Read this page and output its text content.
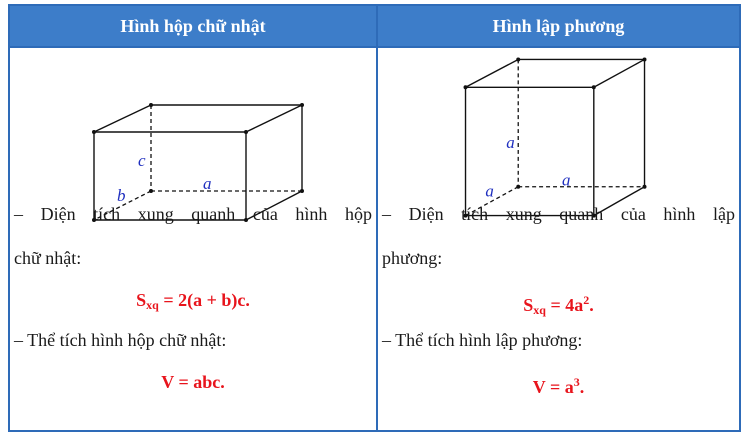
Hình hộp chữ nhật
c
a
b
– Diện tích xung quanh của hình hộp
chữ nhật:
$S_{xq} = 2(a + b)c$.
– Thể tích hình hộp chữ nhật:
V = abc.
Hình lập phương
a
a
a
– Diện tích xung quanh của hình lập
phương:
$S_{xq} = 4a^2$.
– Thể tích hình lập phương:
$V = a^3$.
